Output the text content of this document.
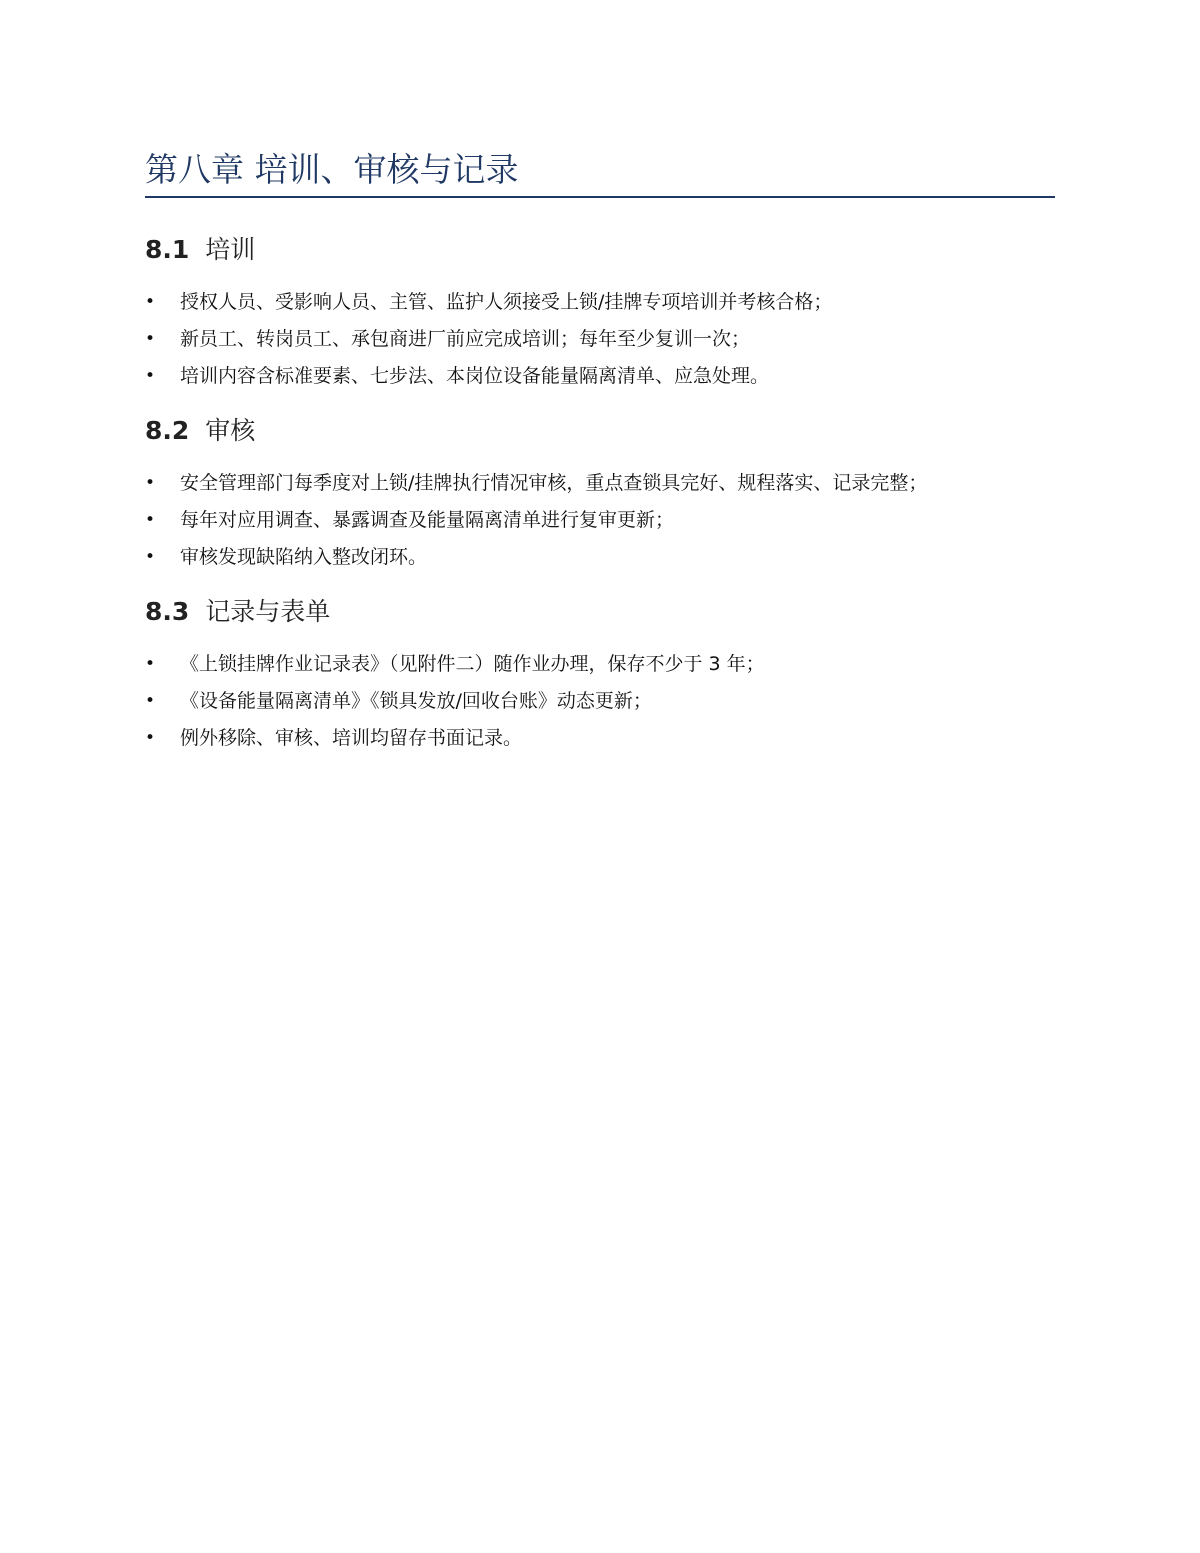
第八章 培训、审核与记录
8.1 培训
• 授权人员、受影响人员、主管、监护人须接受上锁/挂牌专项培训并考核合格；
• 新员工、转岗员工、承包商进厂前应完成培训；每年至少复训一次；
• 培训内容含标准要素、七步法、本岗位设备能量隔离清单、应急处理。
8.2 审核
• 安全管理部门每季度对上锁/挂牌执行情况审核，重点查锁具完好、规程落实、记录完整；
• 每年对应用调查、暴露调查及能量隔离清单进行复审更新；
• 审核发现缺陷纳入整改闭环。
8.3 记录与表单
• 《上锁挂牌作业记录表》（见附件二）随作业办理，保存不少于 3 年；
• 《设备能量隔离清单》《锁具发放/回收台账》动态更新；
• 例外移除、审核、培训均留存书面记录。
